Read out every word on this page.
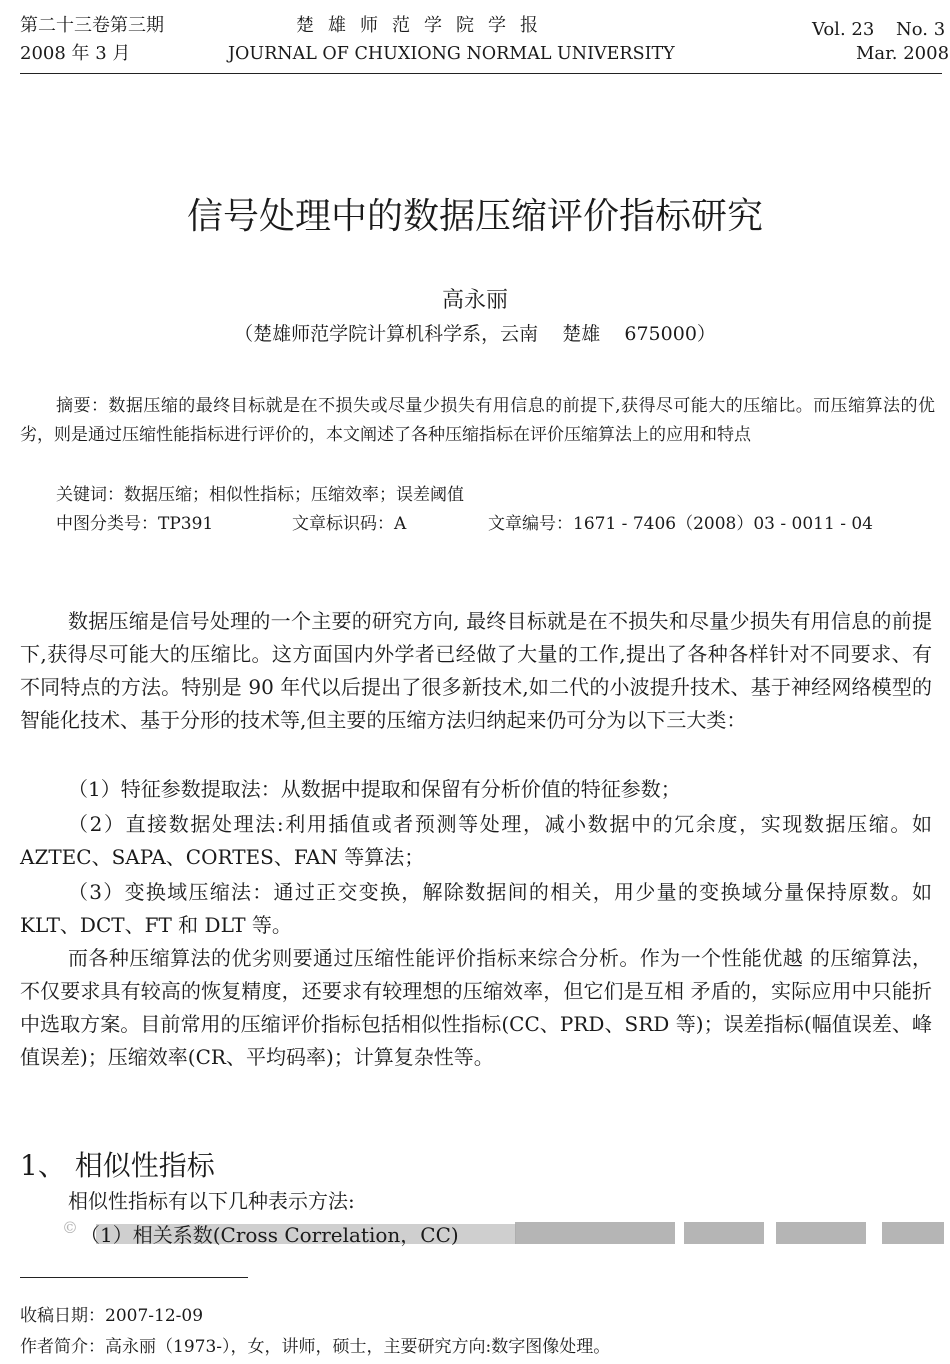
第二十三卷第三期
2008 年 3 月
楚雄师范学院学报
JOURNAL OF CHUXIONG NORMAL UNIVERSITY
Vol. 23 No. 3
Mar. 2008
信号处理中的数据压缩评价指标研究
高永丽
（楚雄师范学院计算机科学系，云南    楚雄    675000）
摘要：数据压缩的最终目标就是在不损失或尽量少损失有用信息的前提下,获得尽可能大的压缩比。而压缩算法的优劣，则是通过压缩性能指标进行评价的，本文阐述了各种压缩指标在评价压缩算法上的应用和特点
关键词：数据压缩；相似性指标；压缩效率；误差阈值
中图分类号：TP391	文章标识码：A	文章编号：1671 - 7406（2008）03 - 0011 - 04

数据压缩是信号处理的一个主要的研究方向, 最终目标就是在不损失和尽量少损失有用信息的前提下,获得尽可能大的压缩比。这方面国内外学者已经做了大量的工作,提出了各种各样针对不同要求、有不同特点的方法。特别是 90 年代以后提出了很多新技术,如二代的小波提升技术、基于神经网络模型的智能化技术、基于分形的技术等,但主要的压缩方法归纳起来仍可分为以下三大类：

（1）特征参数提取法：从数据中提取和保留有分析价值的特征参数；

（2）直接数据处理法:利用插值或者预测等处理，减小数据中的冗余度，实现数据压缩。如 AZTEC、SAPA、CORTES、FAN 等算法；

（3）变换域压缩法：通过正交变换，解除数据间的相关，用少量的变换域分量保持原数。如 KLT、DCT、FT 和 DLT 等。

而各种压缩算法的优劣则要通过压缩性能评价指标来综合分析。作为一个性能优越 的压缩算法，不仅要求具有较高的恢复精度，还要求有较理想的压缩效率，但它们是互相 矛盾的，实际应用中只能折中选取方案。目前常用的压缩评价指标包括相似性指标(CC、PRD、SRD 等)；误差指标(幅值误差、峰值误差)；压缩效率(CR、平均码率)；计算复杂性等。

1、 相似性指标
相似性指标有以下几种表示方法:
© （1）相关系数(Cross Correlation，CC)
收稿日期：2007-12-09
作者简介：高永丽（1973-），女，讲师，硕士，主要研究方向:数字图像处理。
